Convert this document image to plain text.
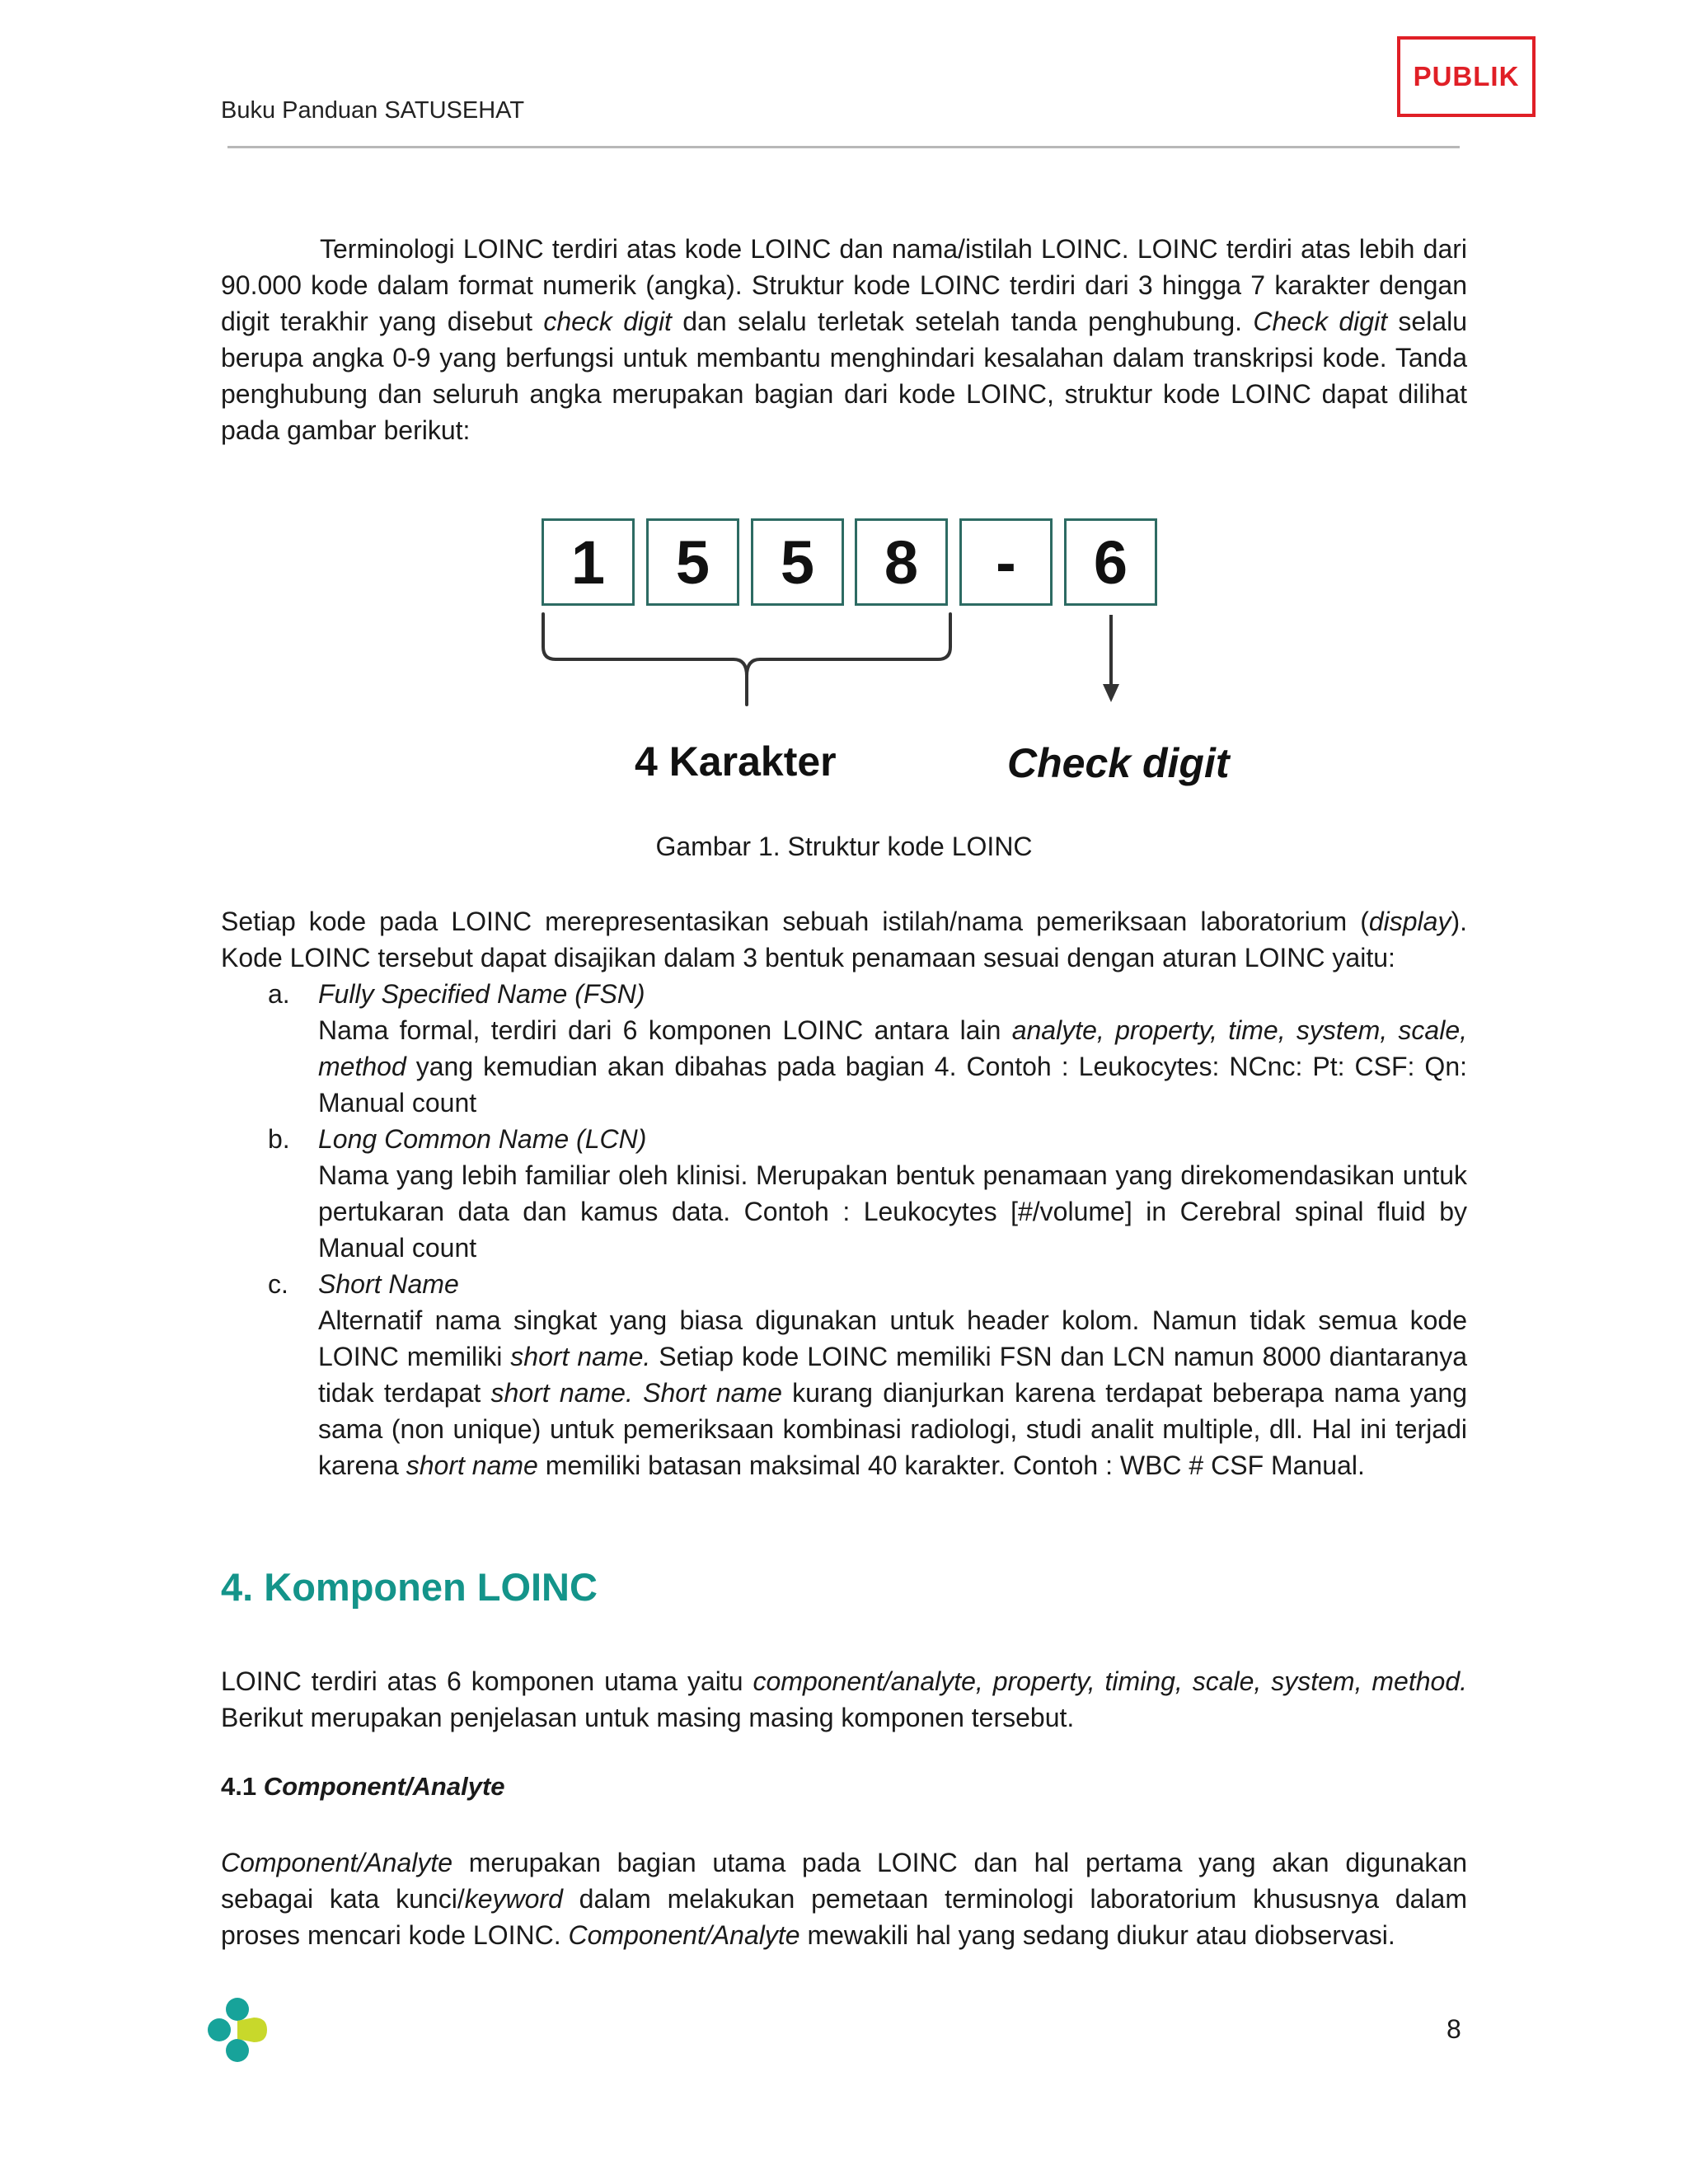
Buku Panduan SATUSEHAT
PUBLIK
Terminologi LOINC terdiri atas kode LOINC dan nama/istilah LOINC. LOINC terdiri atas lebih dari 90.000 kode dalam format numerik (angka). Struktur kode LOINC terdiri dari 3 hingga 7 karakter dengan digit terakhir yang disebut check digit dan selalu terletak setelah tanda penghubung. Check digit selalu berupa angka 0-9 yang berfungsi untuk membantu menghindari kesalahan dalam transkripsi kode. Tanda penghubung dan seluruh angka merupakan bagian dari kode LOINC, struktur kode LOINC dapat dilihat pada gambar berikut:
1	5	5	8	-	6
4 Karakter	Check digit
Gambar 1. Struktur kode LOINC
Setiap kode pada LOINC merepresentasikan sebuah istilah/nama pemeriksaan laboratorium (display). Kode LOINC tersebut dapat disajikan dalam 3 bentuk penamaan sesuai dengan aturan LOINC yaitu:
a. Fully Specified Name (FSN)
Nama formal, terdiri dari 6 komponen LOINC antara lain analyte, property, time, system, scale, method yang kemudian akan dibahas pada bagian 4. Contoh : Leukocytes: NCnc: Pt: CSF: Qn: Manual count
b. Long Common Name (LCN)
Nama yang lebih familiar oleh klinisi. Merupakan bentuk penamaan yang direkomendasikan untuk pertukaran data dan kamus data. Contoh : Leukocytes [#/volume] in Cerebral spinal fluid by Manual count
c. Short Name
Alternatif nama singkat yang biasa digunakan untuk header kolom. Namun tidak semua kode LOINC memiliki short name. Setiap kode LOINC memiliki FSN dan LCN namun 8000 diantaranya tidak terdapat short name. Short name kurang dianjurkan karena terdapat beberapa nama yang sama (non unique) untuk pemeriksaan kombinasi radiologi, studi analit multiple, dll. Hal ini terjadi karena short name memiliki batasan maksimal 40 karakter. Contoh : WBC # CSF Manual.
4. Komponen LOINC
LOINC terdiri atas 6 komponen utama yaitu component/analyte, property, timing, scale, system, method. Berikut merupakan penjelasan untuk masing masing komponen tersebut.
4.1 Component/Analyte
Component/Analyte merupakan bagian utama pada LOINC dan hal pertama yang akan digunakan sebagai kata kunci/keyword dalam melakukan pemetaan terminologi laboratorium khususnya dalam proses mencari kode LOINC. Component/Analyte mewakili hal yang sedang diukur atau diobservasi.
8
